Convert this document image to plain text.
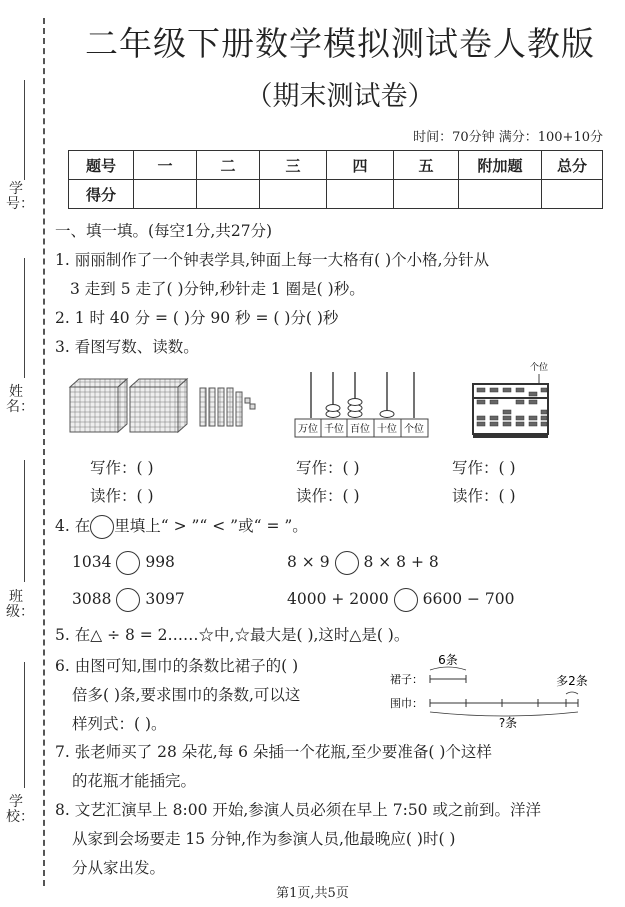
学号：
姓名：
班级：
学校：
二年级下册数学模拟测试卷人教版
（期末测试卷）
时间：70分钟 满分：100+10分
题号	一	二	三	四	五	附加题	总分
得分							
一、填一填。(每空1分,共27分)
1. 丽丽制作了一个钟表学具,钟面上每一大格有( )个小格,分针从
3 走到 5 走了( )分钟,秒针走 1 圈是( )秒。
2. 1 时 40 分 = ( )分 90 秒 = ( )分( )秒
3. 看图写数、读数。
万位 千位 百位 十位 个位
个位
写作：( )
读作：( )
写作：( )
读作：( )
写作：( )
读作：( )
4. 在 里填上“ > ”“ < ”或“ = ”。
1034 998	8 × 9 8 × 8 + 8
3088 3097	4000 + 2000 6600 − 700
5. 在△ ÷ 8 = 2……☆中,☆最大是( ),这时△是( )。
6. 由图可知,围巾的条数比裙子的( )
倍多( )条,要求围巾的条数,可以这
样列式：( )。
6条
裙子：
围巾：
多2条
?条
7. 张老师买了 28 朵花,每 6 朵插一个花瓶,至少要准备( )个这样
的花瓶才能插完。
8. 文艺汇演早上 8:00 开始,参演人员必须在早上 7:50 或之前到。洋洋
从家到会场要走 15 分钟,作为参演人员,他最晚应( )时( )
分从家出发。
第1页,共5页
